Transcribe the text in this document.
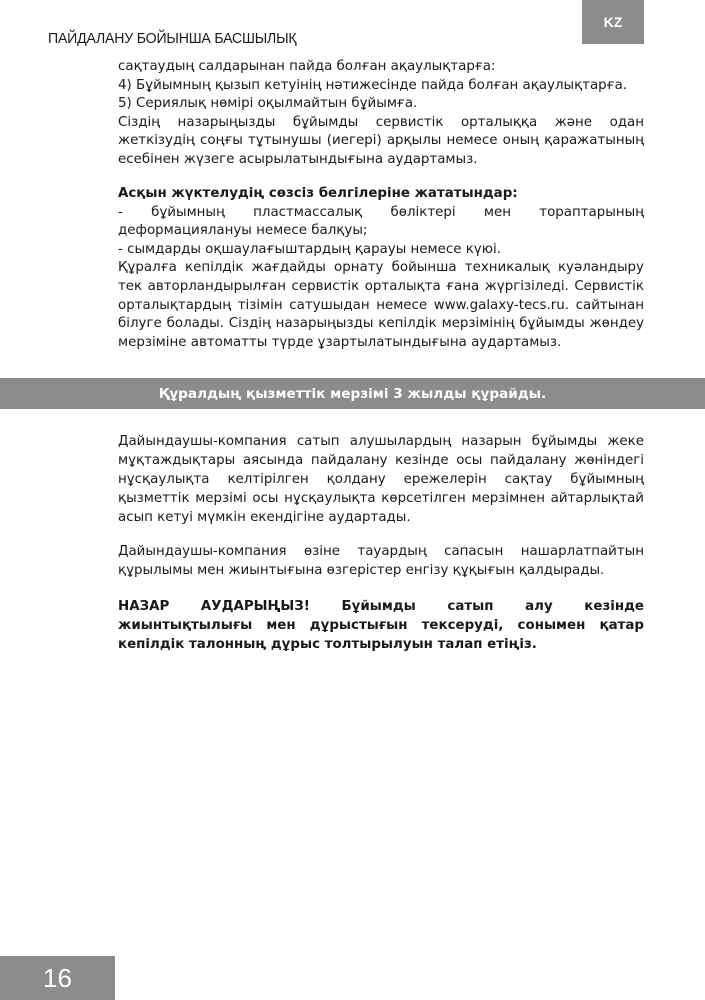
KZ
ПАЙДАЛАНУ БОЙЫНША БАСШЫЛЫҚ

сақтаудың салдарынан пайда болған ақаулықтарға:

4) Бұйымның қызып кетуінің нәтижесінде пайда болған ақаулықтарға.

5) Сериялық нөмірі оқылмайтын бұйымға.

Сіздің назарыңызды бұйымды сервистік орталыққа және одан жеткізудің соңғы тұтынушы (иегері) арқылы немесе оның қаражатының есебінен жүзеге асырылатындығына аудартамыз.

Асқын жүктелудің сөзсіз белгілеріне жататындар:

- бұйымның пластмассалық бөліктері мен тораптарының деформациялануы немесе балқуы;

- сымдарды оқшаулағыштардың қарауы немесе күюі.

Құралға кепілдік жағдайды орнату бойынша техникалық куәландыру тек авторландырылған сервистік орталықта ғана жүргізіледі. Сервистік орталықтардың тізімін сатушыдан немесе www.galaxy-tecs.ru. сайтынан білуге болады. Сіздің назарыңызды кепілдік мерзімінің бұйымды жөндеу мерзіміне автоматты түрде ұзартылатындығына аудартамыз.

Құралдың қызметтік мерзімі 3 жылды құрайды.

Дайындаушы-компания сатып алушылардың назарын бұйымды жеке мұқтаждықтары аясында пайдалану кезінде осы пайдалану жөніндегі нұсқаулықта келтірілген қолдану ережелерін сақтау бұйымның қызметтік мерзімі осы нұсқаулықта көрсетілген мерзімнен айтарлықтай асып кетуі мүмкін екендігіне аудартады.

Дайындаушы-компания өзіне тауардың сапасын нашарлатпайтын құрылымы мен жиынтығына өзгерістер енгізу құқығын қалдырады.

НАЗАР АУДАРЫҢЫЗ! Бұйымды сатып алу кезінде жиынтықтылығы мен дұрыстығын тексеруді, сонымен қатар кепілдік талонның дұрыс толтырылуын талап етіңіз.

16
